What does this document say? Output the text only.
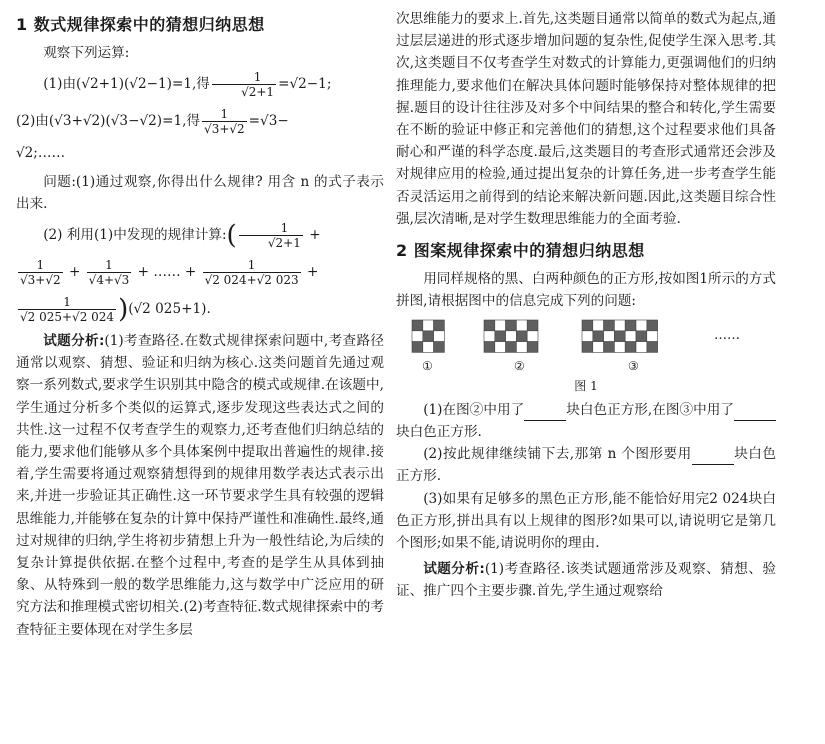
1 数式规律探索中的猜想归纳思想

观察下列运算:

(1)由(√2+1)(√2−1)=1,得 $\frac{1}{√2+1} =√2-1$;

(2)由(√3+√2)(√3−√2)=1,得 $\frac{1}{√3+√2} =√3-$

√2;……

问题:(1)通过观察,你得出什么规律? 用含 n 的式子表示出来.

(2) 利用(1)中发现的规律计算:( $\frac{1}{√2+1}$ +

$\frac{1}{√3+√2} + \frac{1}{√4+√3}$ + …… + $\frac{1}{√2 024+√2 023}$ +

$\frac{1}{√2 025+√2 024} )(√2$ 025+1).

试题分析:(1)考查路径.在数式规律探索问题中,考查路径通常以观察、猜想、验证和归纳为核心.这类问题首先通过观察一系列数式,要求学生识别其中隐含的模式或规律.在该题中,学生通过分析多个类似的运算式,逐步发现这些表达式之间的共性.这一过程不仅考查学生的观察力,还考查他们归纳总结的能力,要求他们能够从多个具体案例中提取出普遍性的规律.接着,学生需要将通过观察猜想得到的规律用数学表达式表示出来,并进一步验证其正确性.这一环节要求学生具有较强的逻辑思维能力,并能够在复杂的计算中保持严谨性和准确性.最终,通过对规律的归纳,学生将初步猜想上升为一般性结论,为后续的复杂计算提供依据.在整个过程中,考查的是学生从具体到抽象、从特殊到一般的数学思维能力,这与数学中广泛应用的研究方法和推理模式密切相关.(2)考查特征.数式规律探索中的考查特征主要体现在对学生多层

次思维能力的要求上.首先,这类题目通常以简单的数式为起点,通过层层递进的形式逐步增加问题的复杂性,促使学生深入思考.其次,这类题目不仅考查学生对数式的计算能力,更强调他们的归纳推理能力,要求他们在解决具体问题时能够保持对整体规律的把握.题目的设计往往涉及对多个中间结果的整合和转化,学生需要在不断的验证中修正和完善他们的猜想,这个过程要求他们具备耐心和严谨的科学态度.最后,这类题目的考查形式通常还会涉及对规律应用的检验,通过提出复杂的计算任务,进一步考查学生能否灵活运用之前得到的结论来解决新问题.因此,这类题目综合性强,层次清晰,是对学生数理思维能力的全面考验.

2 图案规律探索中的猜想归纳思想

用同样规格的黑、白两种颜色的正方形,按如图1所示的方式拼图,请根据图中的信息完成下列的问题:

……
①	②	③
图 1

(1)在图②中用了	块白色正方形,在图③中用了块白色正方形.

(2)按此规律继续铺下去,那第 n 个图形要用	块白色正方形.

(3)如果有足够多的黑色正方形,能不能恰好用完2 024块白色正方形,拼出具有以上规律的图形?如果可以,请说明它是第几个图形;如果不能,请说明你的理由.

试题分析:(1)考查路径.该类试题通常涉及观察、猜想、验证、推广四个主要步骤.首先,学生通过观察给
